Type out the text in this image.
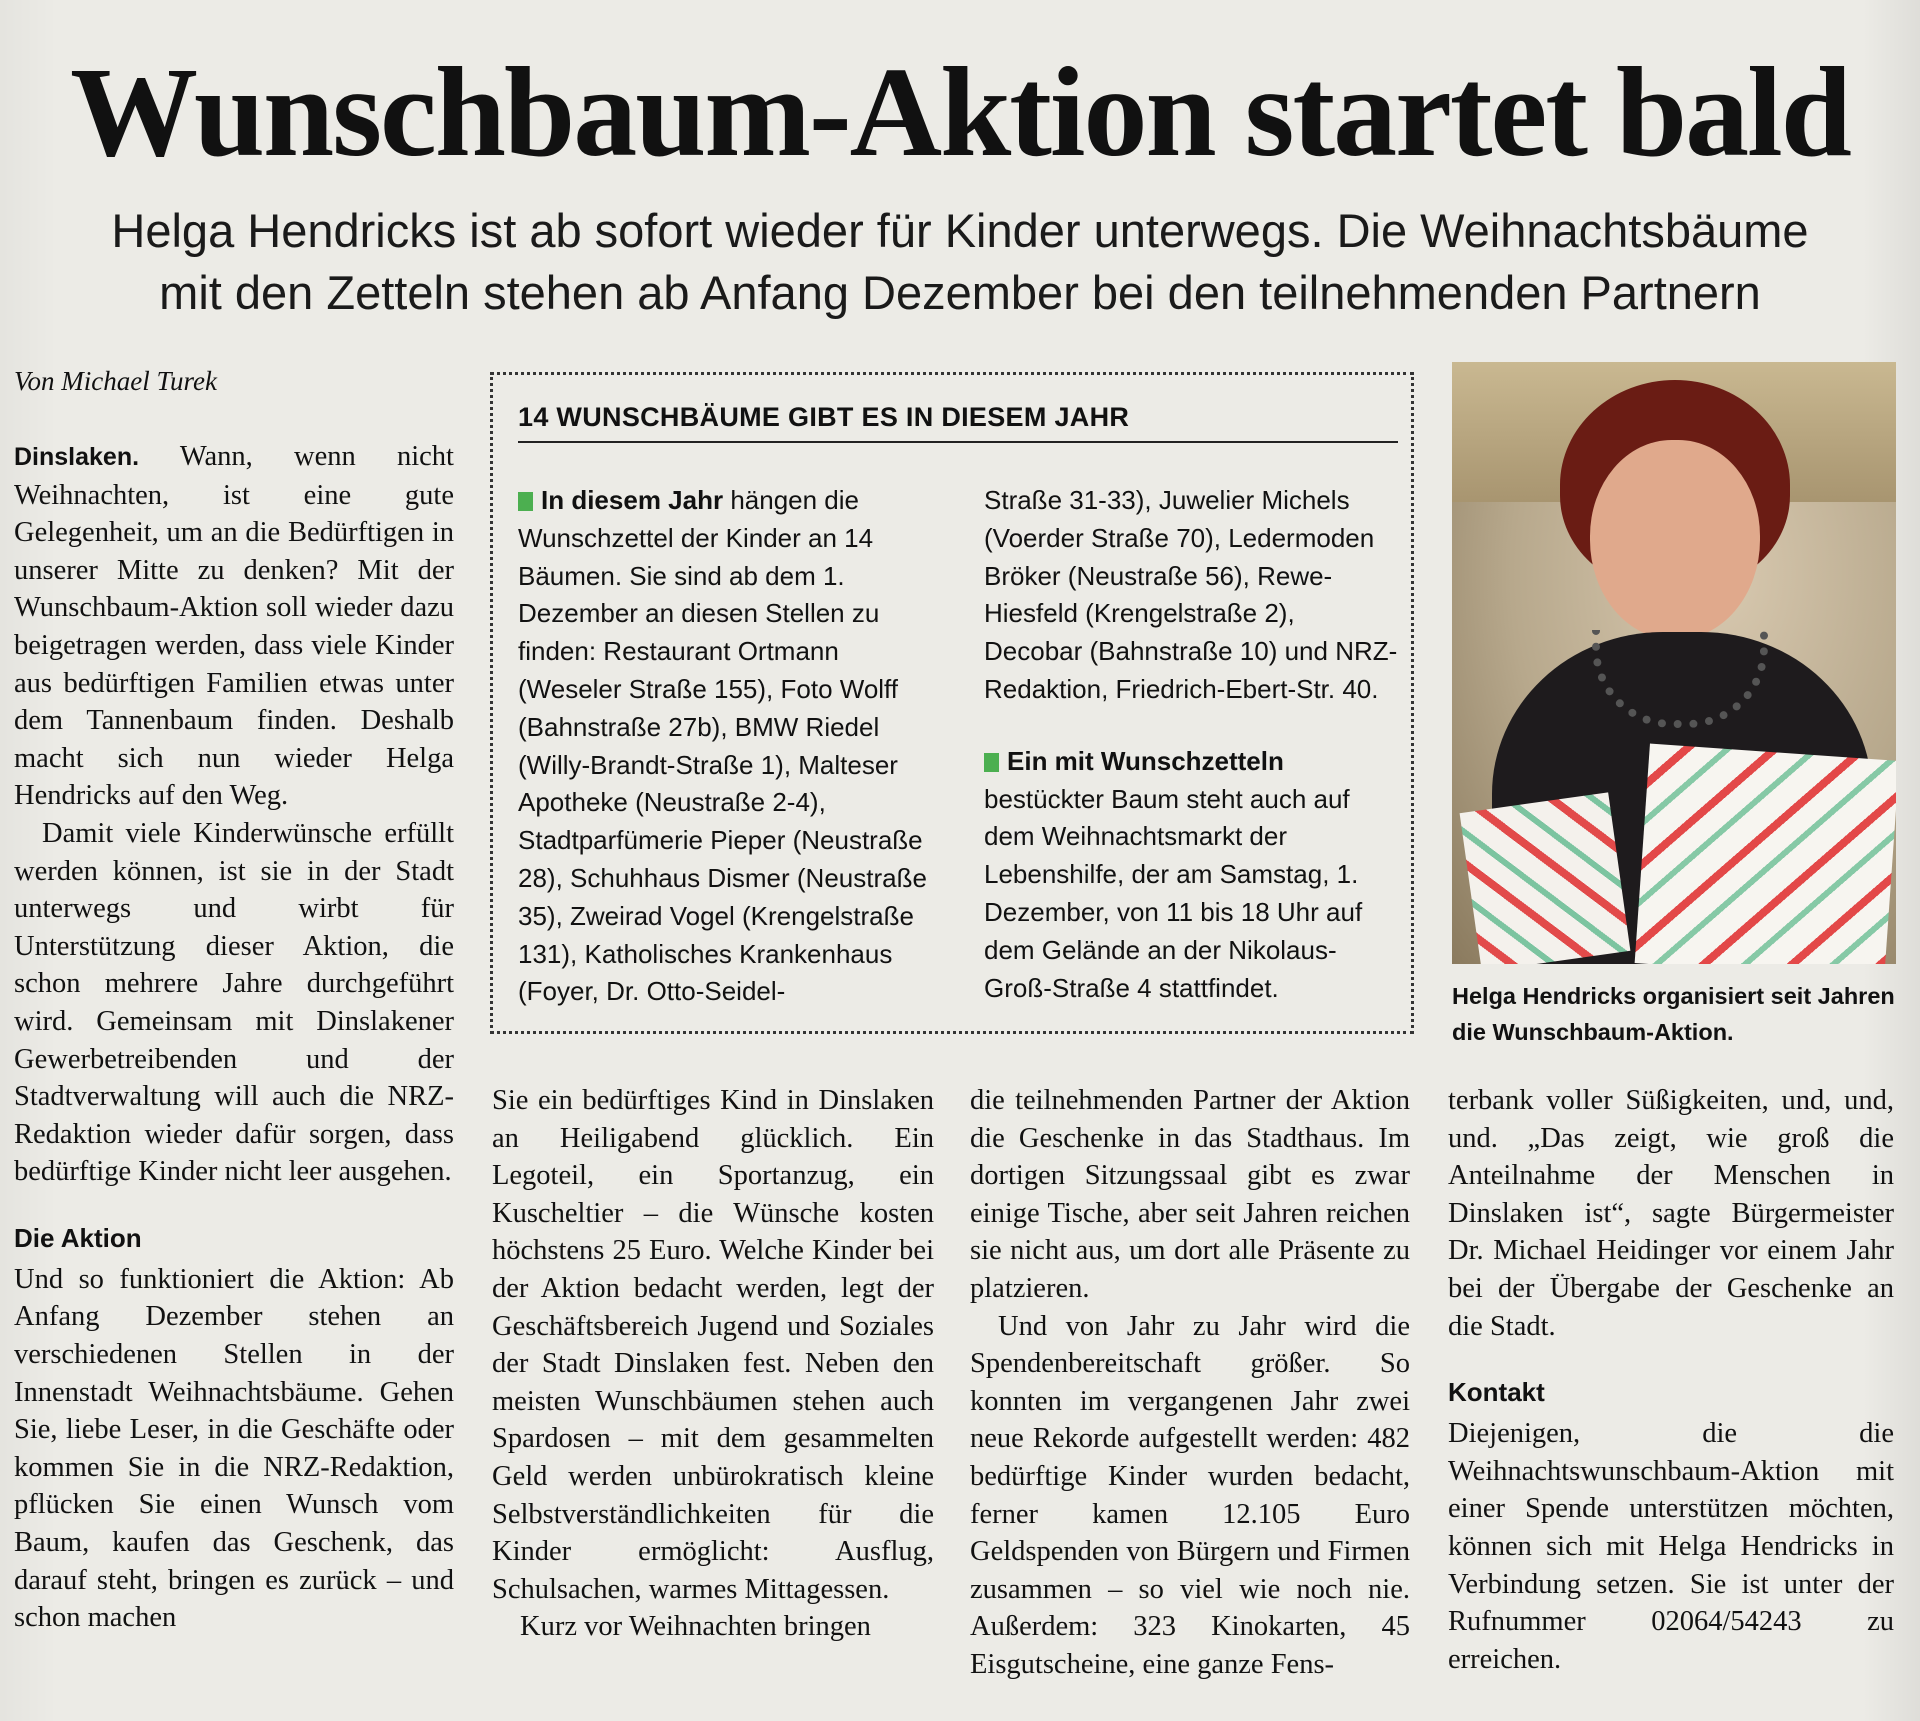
Wunschbaum-Aktion startet bald
Helga Hendricks ist ab sofort wieder für Kinder unterwegs. Die Weihnachtsbäume
mit den Zetteln stehen ab Anfang Dezember bei den teilnehmenden Partnern
Von Michael Turek

Dinslaken. Wann, wenn nicht Weihnachten, ist eine gute Gelegenheit, um an die Bedürftigen in unserer Mitte zu denken? Mit der Wunschbaum-Aktion soll wieder dazu beigetragen werden, dass viele Kinder aus bedürftigen Familien etwas unter dem Tannenbaum finden. Deshalb macht sich nun wieder Helga Hendricks auf den Weg.

Damit viele Kinderwünsche erfüllt werden können, ist sie in der Stadt unterwegs und wirbt für Unterstützung dieser Aktion, die schon mehrere Jahre durchgeführt wird. Gemeinsam mit Dinslakener Gewerbetreibenden und der Stadtverwaltung will auch die NRZ-Redaktion wieder dafür sorgen, dass bedürftige Kinder nicht leer ausgehen.

Die Aktion

Und so funktioniert die Aktion: Ab Anfang Dezember stehen an verschiedenen Stellen in der Innenstadt Weihnachtsbäume. Gehen Sie, liebe Leser, in die Geschäfte oder kommen Sie in die NRZ-Redaktion, pflücken Sie einen Wunsch vom Baum, kaufen das Geschenk, das darauf steht, bringen es zurück – und schon machen

14 WUNSCHBÄUME GIBT ES IN DIESEM JAHR

In diesem Jahr hängen die Wunschzettel der Kinder an 14 Bäumen. Sie sind ab dem 1. Dezember an diesen Stellen zu finden: Restaurant Ortmann (Weseler Straße 155), Foto Wolff (Bahnstraße 27b), BMW Riedel (Willy-Brandt-Straße 1), Malteser Apotheke (Neustraße 2-4), Stadtparfümerie Pieper (Neustraße 28), Schuhhaus Dismer (Neustraße 35), Zweirad Vogel (Krengelstraße 131), Katholisches Krankenhaus (Foyer, Dr. Otto-Seidel-

Straße 31-33), Juwelier Michels (Voerder Straße 70), Ledermoden Bröker (Neustraße 56), Rewe-Hiesfeld (Krengelstraße 2), Decobar (Bahnstraße 10) und NRZ-Redaktion, Friedrich-Ebert-Str. 40.

Ein mit Wunschzetteln bestückter Baum steht auch auf dem Weihnachtsmarkt der Lebenshilfe, der am Samstag, 1. Dezember, von 11 bis 18 Uhr auf dem Gelände an der Nikolaus-Groß-Straße 4 stattfindet.

Sie ein bedürftiges Kind in Dinslaken an Heiligabend glücklich. Ein Legoteil, ein Sportanzug, ein Kuscheltier – die Wünsche kosten höchstens 25 Euro. Welche Kinder bei der Aktion bedacht werden, legt der Geschäftsbereich Jugend und Soziales der Stadt Dinslaken fest. Neben den meisten Wunschbäumen stehen auch Spardosen – mit dem gesammelten Geld werden unbürokratisch kleine Selbstverständlichkeiten für die Kinder ermöglicht: Ausflug, Schulsachen, warmes Mittagessen.

Kurz vor Weihnachten bringen

die teilnehmenden Partner der Aktion die Geschenke in das Stadthaus. Im dortigen Sitzungssaal gibt es zwar einige Tische, aber seit Jahren reichen sie nicht aus, um dort alle Präsente zu platzieren.

Und von Jahr zu Jahr wird die Spendenbereitschaft größer. So konnten im vergangenen Jahr zwei neue Rekorde aufgestellt werden: 482 bedürftige Kinder wurden bedacht, ferner kamen 12.105 Euro Geldspenden von Bürgern und Firmen zusammen – so viel wie noch nie. Außerdem: 323 Kinokarten, 45 Eisgutscheine, eine ganze Fens-

terbank voller Süßigkeiten, und, und, und. „Das zeigt, wie groß die Anteilnahme der Menschen in Dinslaken ist“, sagte Bürgermeister Dr. Michael Heidinger vor einem Jahr bei der Übergabe der Geschenke an die Stadt.

Kontakt

Diejenigen, die die Weihnachtswunschbaum-Aktion mit einer Spende unterstützen möchten, können sich mit Helga Hendricks in Verbindung setzen. Sie ist unter der Rufnummer 02064/54243 zu erreichen.

Helga Hendricks organisiert seit Jahren die Wunschbaum-Aktion.
